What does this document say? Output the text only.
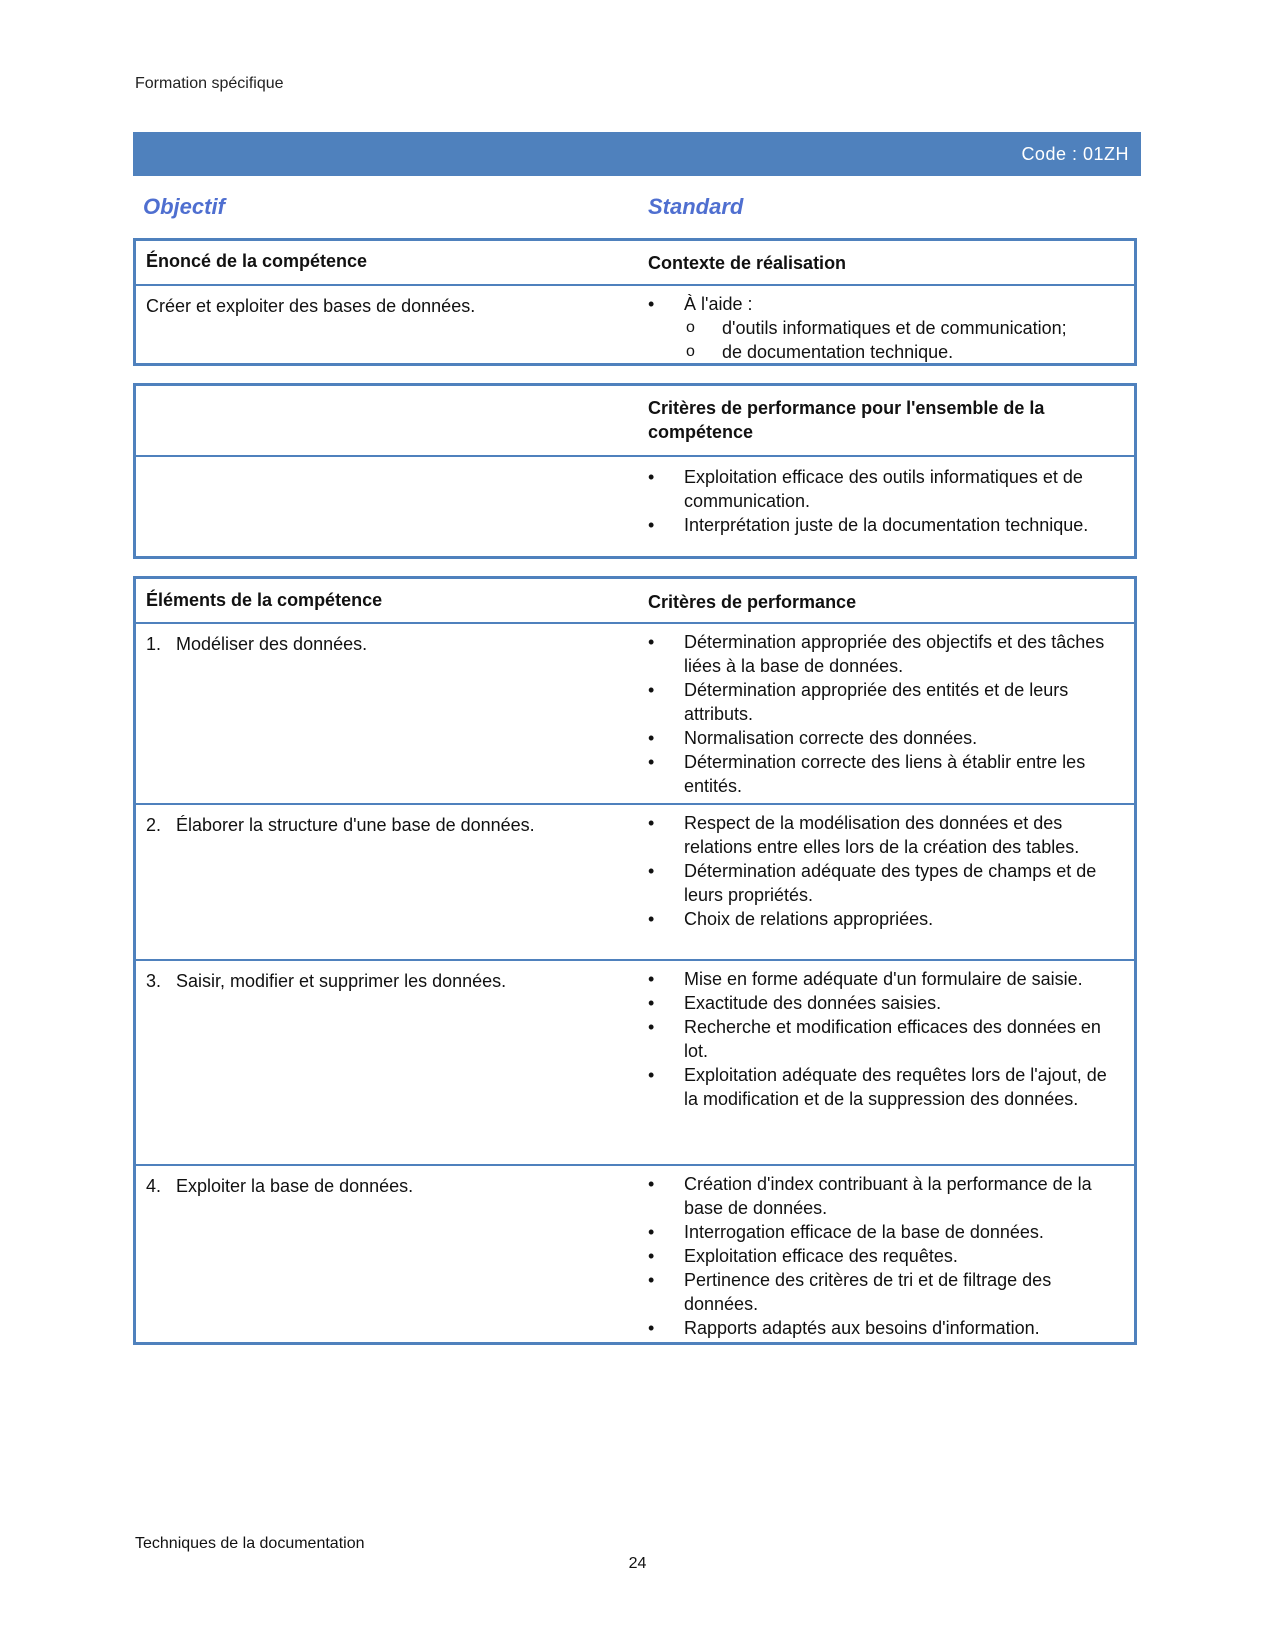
Formation spécifique
Code : 01ZH
Objectif	Standard
Énoncé de la compétence	Contexte de réalisation
Créer et exploiter des bases de données.	• À l'aide :
o d'outils informatiques et de communication;
o de documentation technique.
Critères de performance pour l'ensemble de la compétence
• Exploitation efficace des outils informatiques et de communication.
• Interprétation juste de la documentation technique.
Éléments de la compétence	Critères de performance
1. Modéliser des données.	• Détermination appropriée des objectifs et des tâches liées à la base de données.
• Détermination appropriée des entités et de leurs attributs.
• Normalisation correcte des données.
• Détermination correcte des liens à établir entre les entités.
2. Élaborer la structure d'une base de données.	• Respect de la modélisation des données et des relations entre elles lors de la création des tables.
• Détermination adéquate des types de champs et de leurs propriétés.
• Choix de relations appropriées.
3. Saisir, modifier et supprimer les données.	• Mise en forme adéquate d'un formulaire de saisie.
• Exactitude des données saisies.
• Recherche et modification efficaces des données en lot.
• Exploitation adéquate des requêtes lors de l'ajout, de la modification et de la suppression des données.
4. Exploiter la base de données.	• Création d'index contribuant à la performance de la base de données.
• Interrogation efficace de la base de données.
• Exploitation efficace des requêtes.
• Pertinence des critères de tri et de filtrage des données.
• Rapports adaptés aux besoins d'information.
Techniques de la documentation
24
